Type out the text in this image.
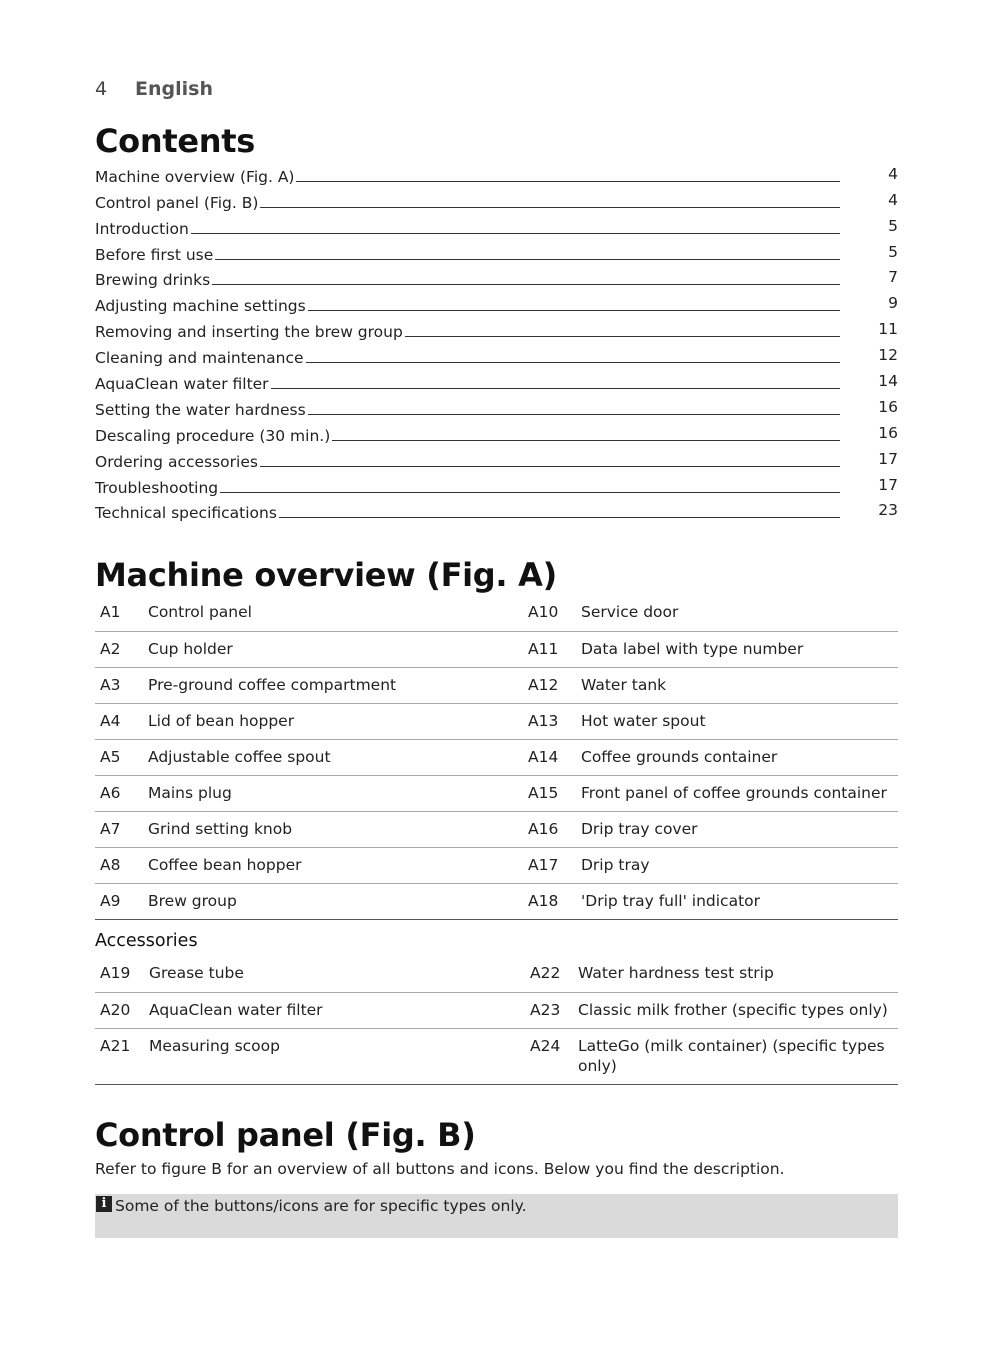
4 English
Contents
Machine overview (Fig. A)	4
Control panel (Fig. B)	4
Introduction	5
Before first use	5
Brewing drinks	7
Adjusting machine settings	9
Removing and inserting the brew group	11
Cleaning and maintenance	12
AquaClean water filter	14
Setting the water hardness	16
Descaling procedure (30 min.)	16
Ordering accessories	17
Troubleshooting	17
Technical specifications	23
Machine overview (Fig. A)
A1	Control panel	A10	Service door
A2	Cup holder	A11	Data label with type number
A3	Pre-ground coffee compartment	A12	Water tank
A4	Lid of bean hopper	A13	Hot water spout
A5	Adjustable coffee spout	A14	Coffee grounds container
A6	Mains plug	A15	Front panel of coffee grounds container
A7	Grind setting knob	A16	Drip tray cover
A8	Coffee bean hopper	A17	Drip tray
A9	Brew group	A18	'Drip tray full' indicator
Accessories
A19	Grease tube	A22	Water hardness test strip
A20	AquaClean water filter	A23	Classic milk frother (specific types only)
A21	Measuring scoop	A24	LatteGo (milk container) (specific types only)
Control panel (Fig. B)
Refer to figure B for an overview of all buttons and icons. Below you find the description.
i Some of the buttons/icons are for specific types only.
